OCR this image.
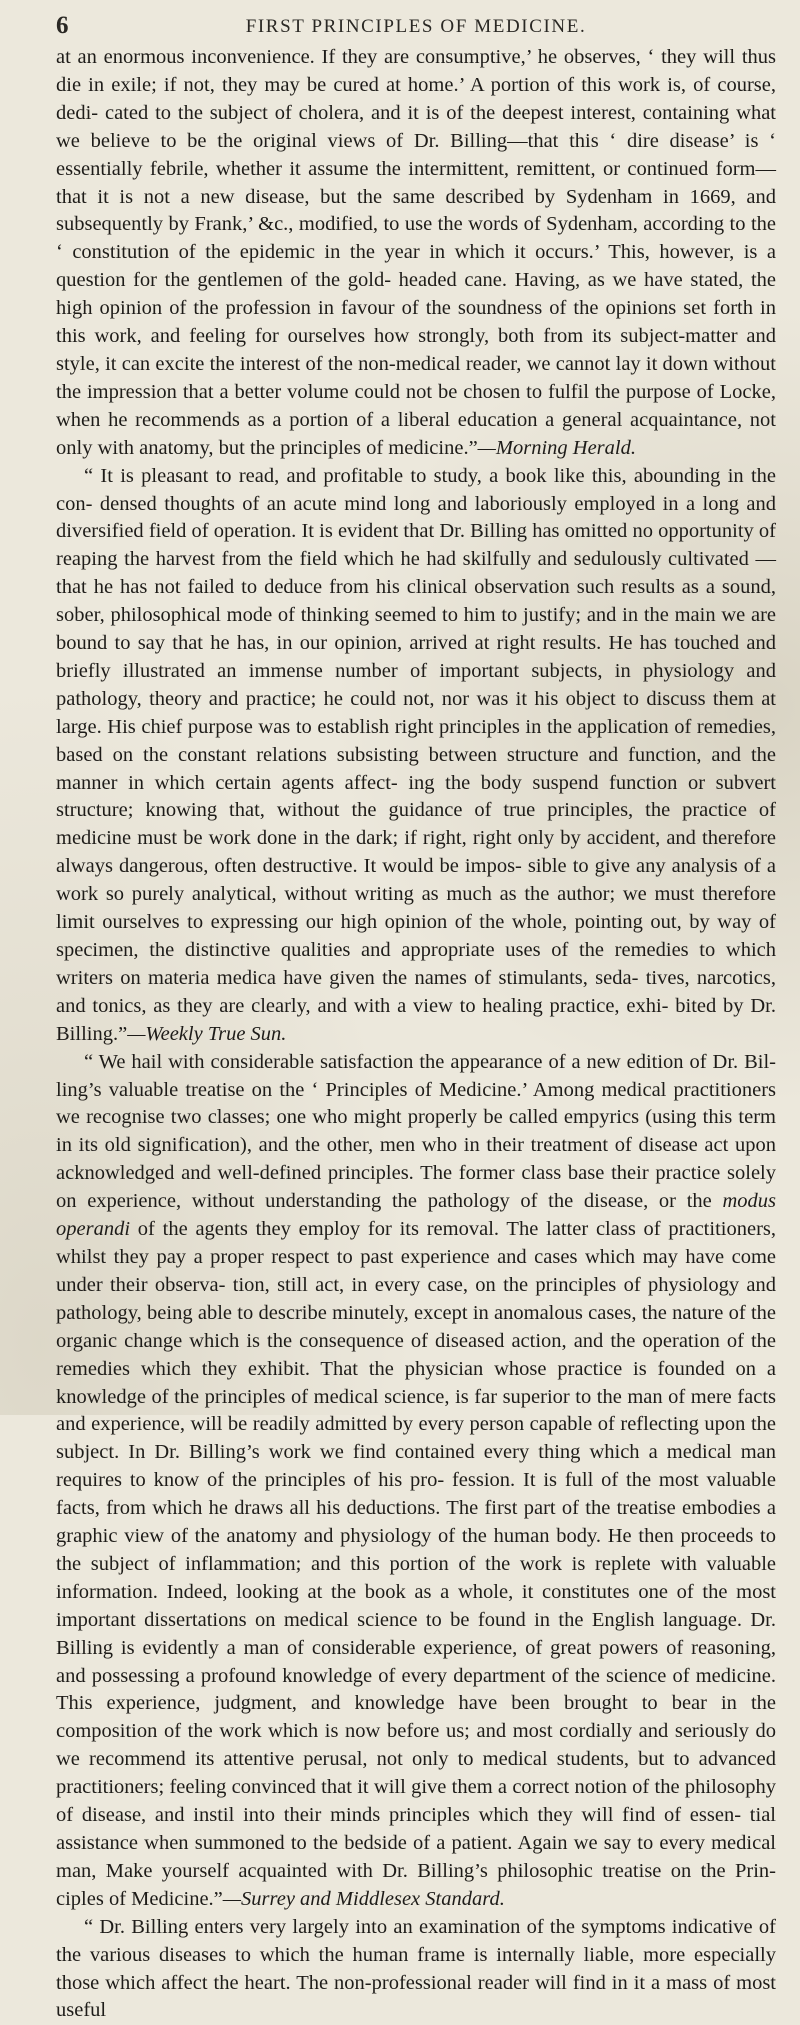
6	FIRST PRINCIPLES OF MEDICINE.

at an enormous inconvenience. If they are consumptive,’ he observes, ‘ they will thus die in exile; if not, they may be cured at home.’ A portion of this work is, of course, dedi- cated to the subject of cholera, and it is of the deepest interest, containing what we believe to be the original views of Dr. Billing—that this ‘ dire disease’ is ‘ essentially febrile, whether it assume the intermittent, remittent, or continued form—that it is not a new disease, but the same described by Sydenham in 1669, and subsequently by Frank,’ &c., modified, to use the words of Sydenham, according to the ‘ constitution of the epidemic in the year in which it occurs.’ This, however, is a question for the gentlemen of the gold- headed cane. Having, as we have stated, the high opinion of the profession in favour of the soundness of the opinions set forth in this work, and feeling for ourselves how strongly, both from its subject-matter and style, it can excite the interest of the non-medical reader, we cannot lay it down without the impression that a better volume could not be chosen to fulfil the purpose of Locke, when he recommends as a portion of a liberal education a general acquaintance, not only with anatomy, but the principles of medicine.”—Morning Herald.

“ It is pleasant to read, and profitable to study, a book like this, abounding in the con- densed thoughts of an acute mind long and laboriously employed in a long and diversified field of operation. It is evident that Dr. Billing has omitted no opportunity of reaping the harvest from the field which he had skilfully and sedulously cultivated —that he has not failed to deduce from his clinical observation such results as a sound, sober, philosophical mode of thinking seemed to him to justify; and in the main we are bound to say that he has, in our opinion, arrived at right results. He has touched and briefly illustrated an immense number of important subjects, in physiology and pathology, theory and practice; he could not, nor was it his object to discuss them at large. His chief purpose was to establish right principles in the application of remedies, based on the constant relations subsisting between structure and function, and the manner in which certain agents affect- ing the body suspend function or subvert structure; knowing that, without the guidance of true principles, the practice of medicine must be work done in the dark; if right, right only by accident, and therefore always dangerous, often destructive. It would be impos- sible to give any analysis of a work so purely analytical, without writing as much as the author; we must therefore limit ourselves to expressing our high opinion of the whole, pointing out, by way of specimen, the distinctive qualities and appropriate uses of the remedies to which writers on materia medica have given the names of stimulants, seda- tives, narcotics, and tonics, as they are clearly, and with a view to healing practice, exhi- bited by Dr. Billing.”—Weekly True Sun.

“ We hail with considerable satisfaction the appearance of a new edition of Dr. Bil- ling’s valuable treatise on the ‘ Principles of Medicine.’ Among medical practitioners we recognise two classes; one who might properly be called empyrics (using this term in its old signification), and the other, men who in their treatment of disease act upon acknowledged and well-defined principles. The former class base their practice solely on experience, without understanding the pathology of the disease, or the modus operandi of the agents they employ for its removal. The latter class of practitioners, whilst they pay a proper respect to past experience and cases which may have come under their observa- tion, still act, in every case, on the principles of physiology and pathology, being able to describe minutely, except in anomalous cases, the nature of the organic change which is the consequence of diseased action, and the operation of the remedies which they exhibit. That the physician whose practice is founded on a knowledge of the principles of medical science, is far superior to the man of mere facts and experience, will be readily admitted by every person capable of reflecting upon the subject. In Dr. Billing’s work we find contained every thing which a medical man requires to know of the principles of his pro- fession. It is full of the most valuable facts, from which he draws all his deductions. The first part of the treatise embodies a graphic view of the anatomy and physiology of the human body. He then proceeds to the subject of inflammation; and this portion of the work is replete with valuable information. Indeed, looking at the book as a whole, it constitutes one of the most important dissertations on medical science to be found in the English language. Dr. Billing is evidently a man of considerable experience, of great powers of reasoning, and possessing a profound knowledge of every department of the science of medicine. This experience, judgment, and knowledge have been brought to bear in the composition of the work which is now before us; and most cordially and seriously do we recommend its attentive perusal, not only to medical students, but to advanced practitioners; feeling convinced that it will give them a correct notion of the philosophy of disease, and instil into their minds principles which they will find of essen- tial assistance when summoned to the bedside of a patient. Again we say to every medical man, Make yourself acquainted with Dr. Billing’s philosophic treatise on the Prin- ciples of Medicine.”—Surrey and Middlesex Standard.

“ Dr. Billing enters very largely into an examination of the symptoms indicative of the various diseases to which the human frame is internally liable, more especially those which affect the heart. The non-professional reader will find in it a mass of most useful
